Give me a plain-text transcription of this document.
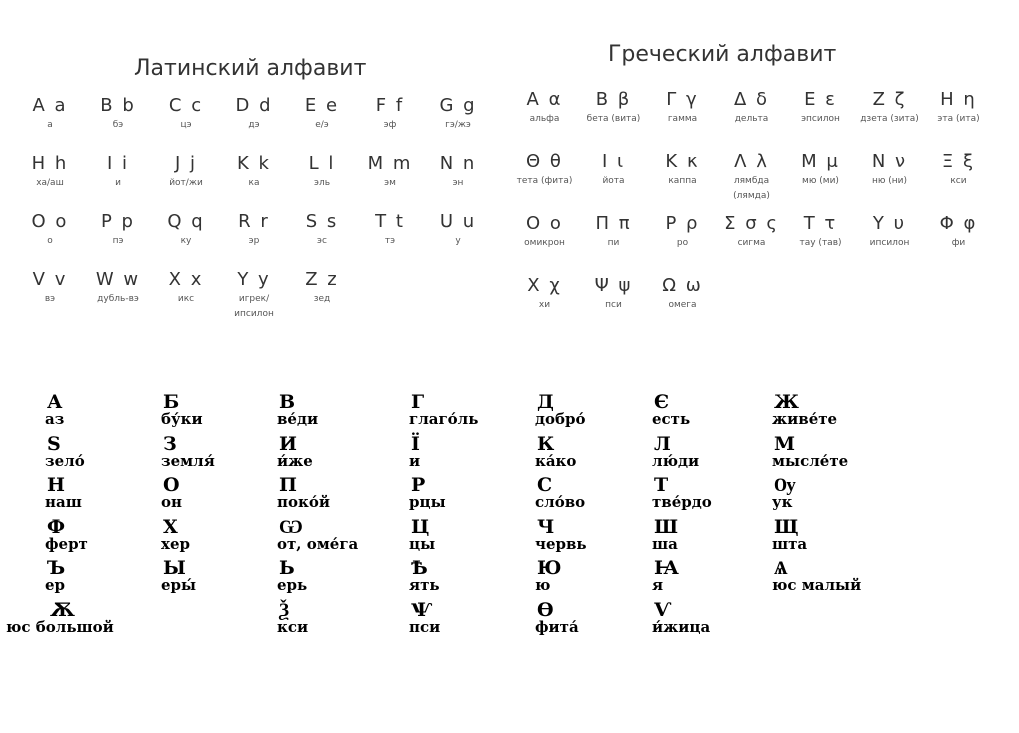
Латинский алфавит
Греческий алфавит
A a
а
B b
бэ
C c
цэ
D d
дэ
E e
е/э
F f
эф
G g
гэ/жэ
H h
ха/аш
I i
и
J j
йот/жи
K k
ка
L l
эль
M m
эм
N n
эн
O o
о
P p
пэ
Q q
ку
R r
эр
S s
эс
T t
тэ
U u
у
V v
вэ
W w
дубль-вэ
X x
икс
Y y
игрек/ ипсилон
Z z
зед
Α α
альфа
Β β
бета (вита)
Γ γ
гамма
Δ δ
дельта
Ε ε
эпсилон
Ζ ζ
дзета (зита)
Η η
эта (ита)
Θ θ
тета (фита)
Ι ι
йота
Κ κ
каппа
Λ λ
лямбда (лямда)
Μ μ
мю (ми)
Ν ν
ню (ни)
Ξ ξ
кси
Ο ο
омикрон
Π π
пи
Ρ ρ
ро
Σ σ ς
сигма
Τ τ
тау (тав)
Υ υ
ипсилон
Φ φ
фи
Χ χ
хи
Ψ ψ
пси
Ω ω
омега
А
аз
Б
бу́ки
В
ве́ди
Г
глаго́ль
Д
добро́
Є
есть
Ж
живе́те
Ѕ
зело́
З
земля́
И
и́же
Ї
и
К
ка́ко
Л
лю́ди
М
мысле́те
Н
наш
О
он
П
поко́й
Р
рцы
С
сло́во
Т
тве́рдо
Ѹ
ук
Ф
ферт
Х
хер
Ѡ
от, оме́га
Ц
цы
Ч
червь
Ш
ша
Щ
шта
Ъ
ер
Ы
еры́
Ь
ерь
Ѣ
ять
Ю
ю
Ꙗ
я
Ѧ
юс малый
Ѫ
юс большой
Ѯ
кси
Ѱ
пси
Ѳ
фита́
Ѵ
и́жица
